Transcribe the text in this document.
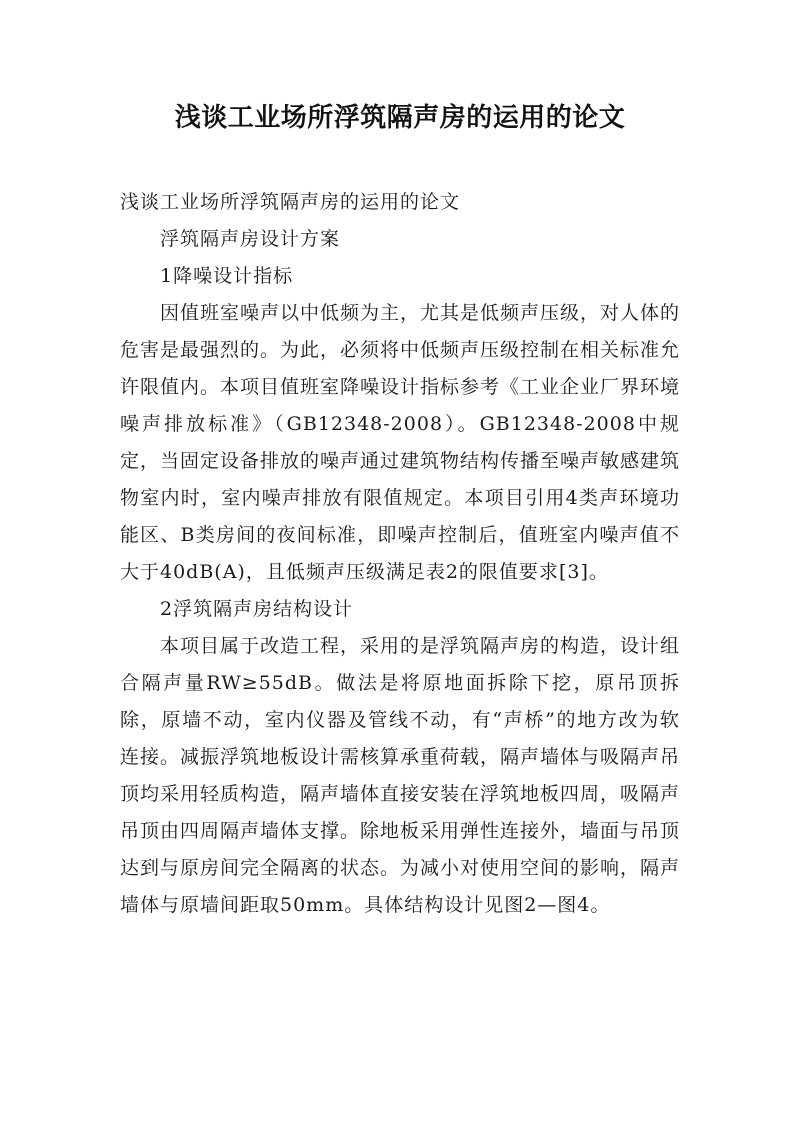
浅谈工业场所浮筑隔声房的运用的论文

浅谈工业场所浮筑隔声房的运用的论文

浮筑隔声房设计方案

1降噪设计指标

因值班室噪声以中低频为主，尤其是低频声压级，对人体的危害是最强烈的。为此，必须将中低频声压级控制在相关标准允许限值内。本项目值班室降噪设计指标参考《工业企业厂界环境噪声排放标准》（GB12348-2008）。GB12348-2008中规定，当固定设备排放的噪声通过建筑物结构传播至噪声敏感建筑物室内时，室内噪声排放有限值规定。本项目引用4类声环境功能区、B类房间的夜间标准，即噪声控制后，值班室内噪声值不大于40dB(A)，且低频声压级满足表2的限值要求[3]。

2浮筑隔声房结构设计

本项目属于改造工程，采用的是浮筑隔声房的构造，设计组合隔声量RW≥55dB。做法是将原地面拆除下挖，原吊顶拆除，原墙不动，室内仪器及管线不动，有“声桥”的地方改为软连接。减振浮筑地板设计需核算承重荷载，隔声墙体与吸隔声吊顶均采用轻质构造，隔声墙体直接安装在浮筑地板四周，吸隔声吊顶由四周隔声墙体支撑。除地板采用弹性连接外，墙面与吊顶达到与原房间完全隔离的状态。为减小对使用空间的影响，隔声墙体与原墙间距取50mm。具体结构设计见图2—图4。
